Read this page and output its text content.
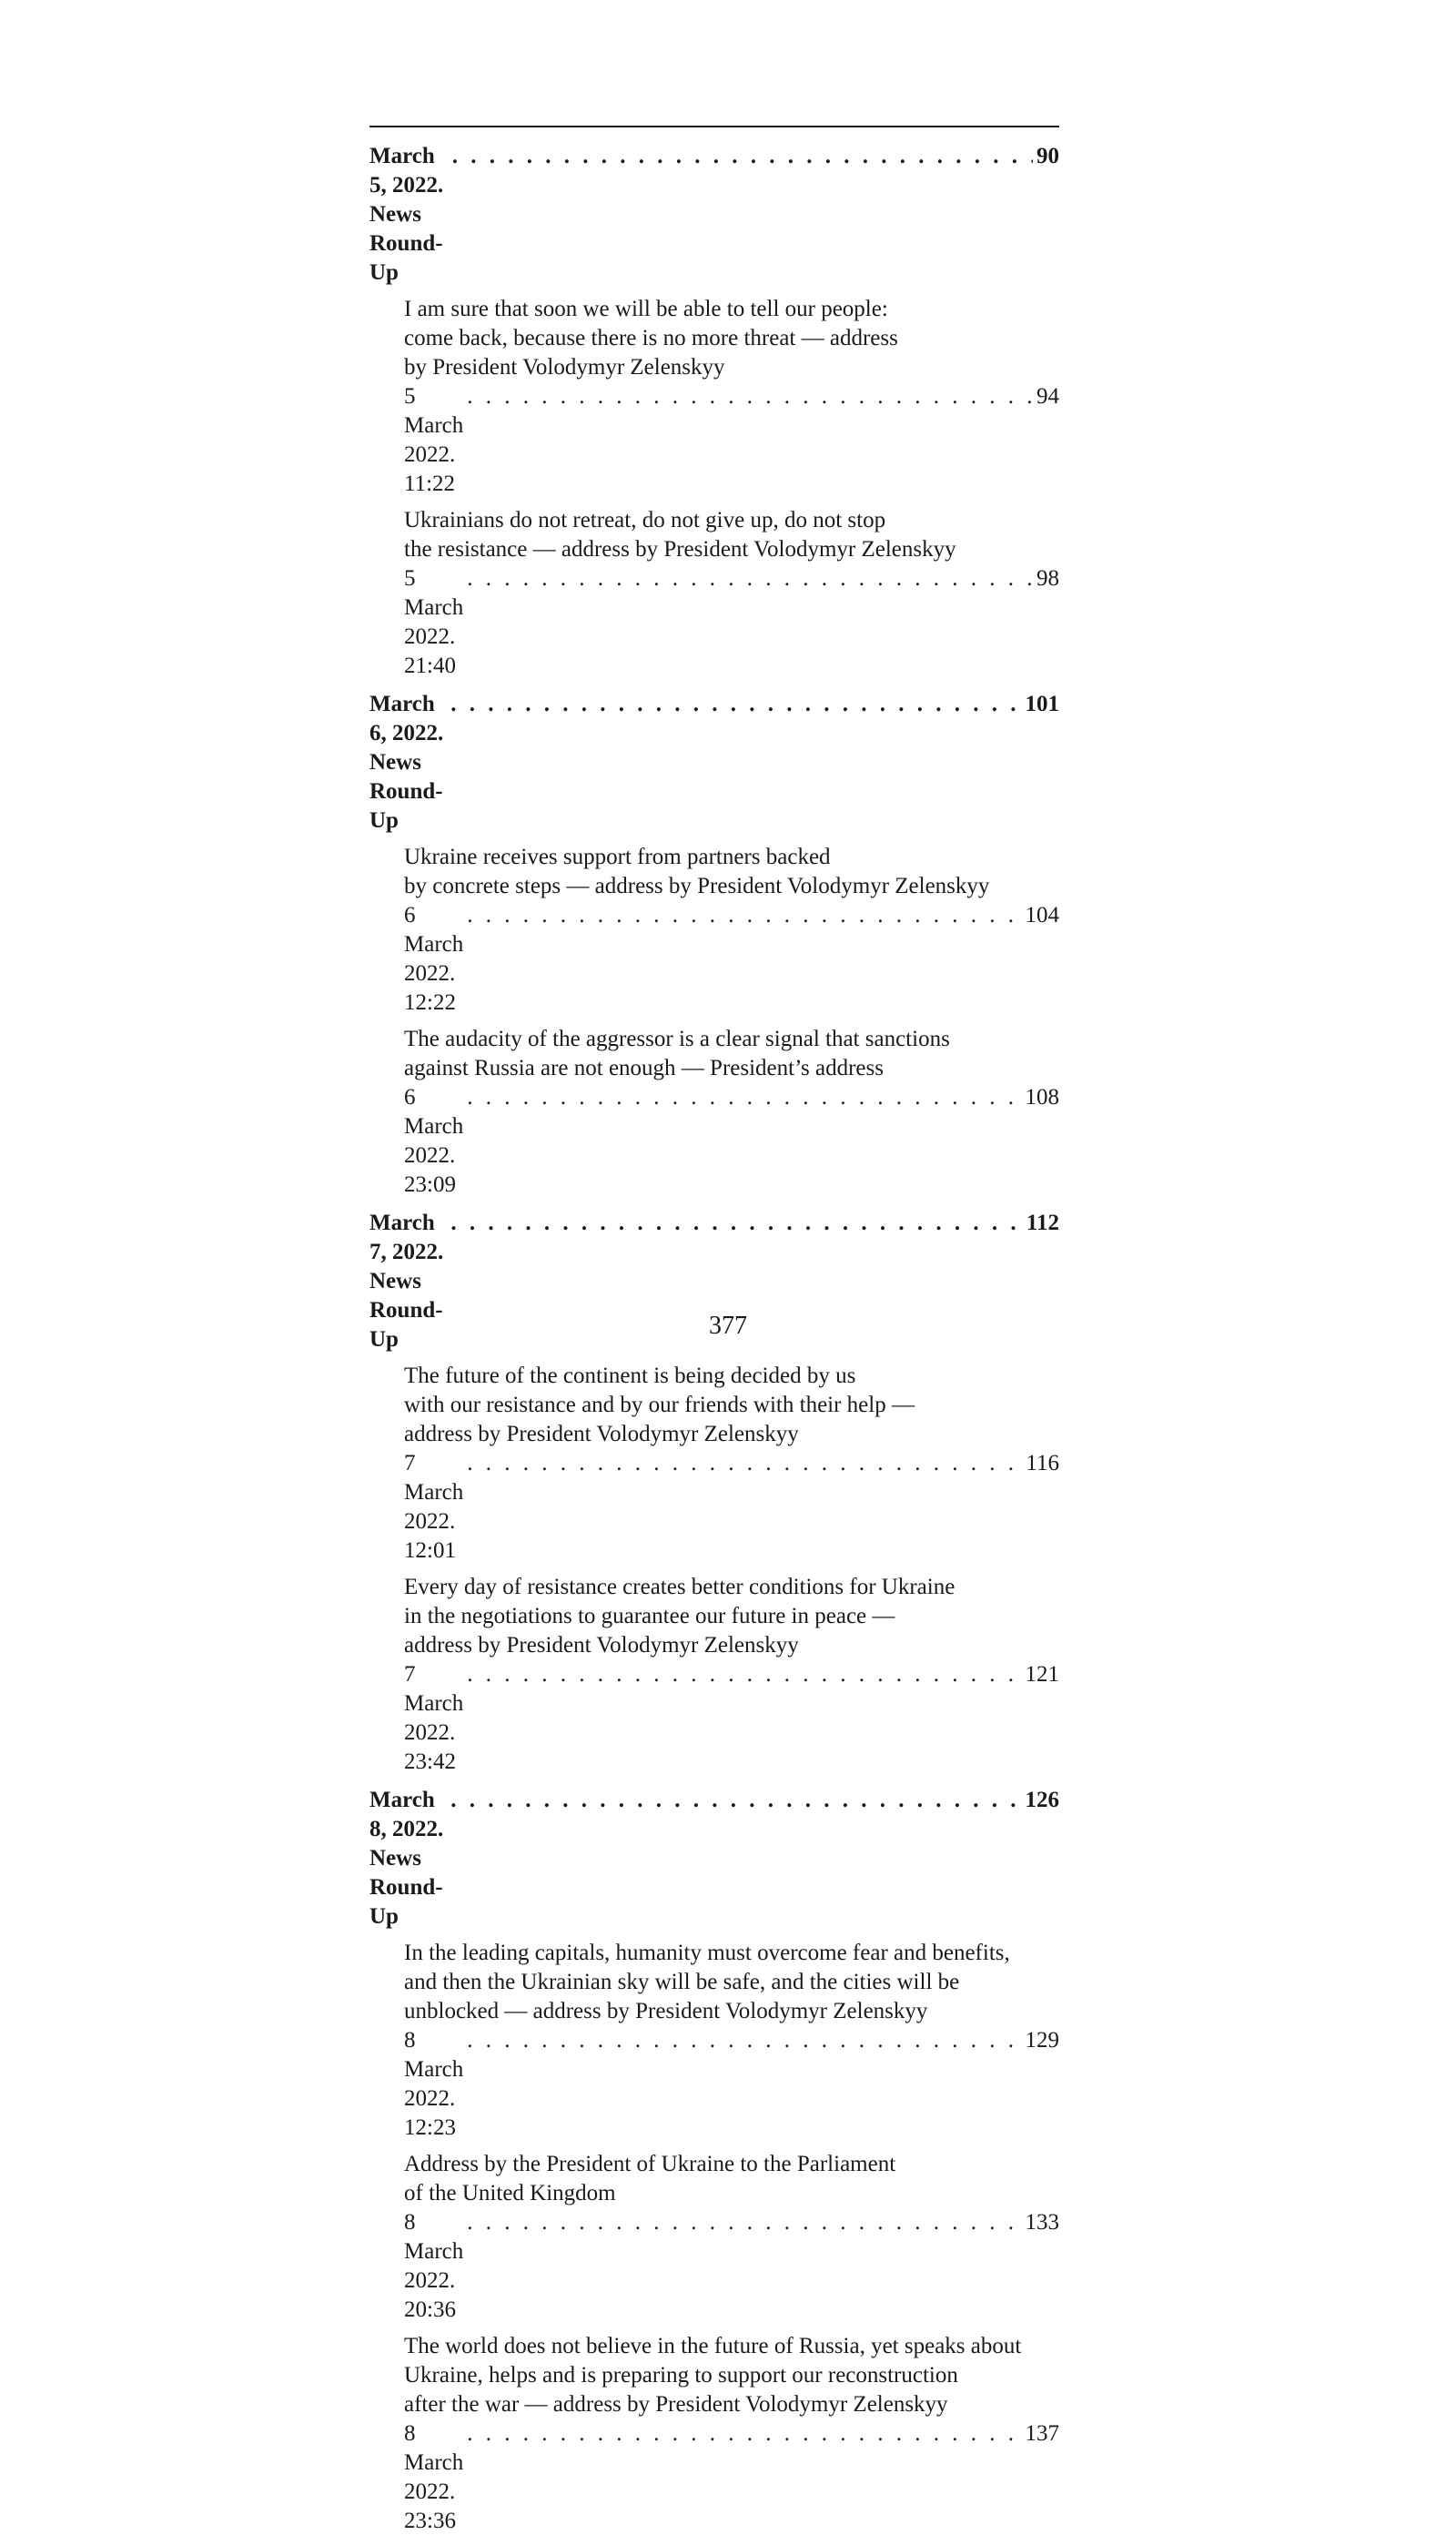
March 5, 2022. News Round-Up
. . .
90
I am sure that soon we will be able to tell our people:
come back, because there is no more threat — address
by President Volodymyr Zelenskyy
5 March 2022. 11:22
. . .
94
Ukrainians do not retreat, do not give up, do not stop
the resistance — address by President Volodymyr Zelenskyy
5 March 2022. 21:40
. . .
98
March 6, 2022. News Round-Up
. . .
101
Ukraine receives support from partners backed
by concrete steps — address by President Volodymyr Zelenskyy
6 March 2022. 12:22
. . .
104
The audacity of the aggressor is a clear signal that sanctions
against Russia are not enough — President’s address
6 March 2022. 23:09
. . .
108
March 7, 2022. News Round-Up
. . .
112
The future of the continent is being decided by us
with our resistance and by our friends with their help —
address by President Volodymyr Zelenskyy
7 March 2022. 12:01
. . .
116
Every day of resistance creates better conditions for Ukraine
in the negotiations to guarantee our future in peace —
address by President Volodymyr Zelenskyy
7 March 2022. 23:42
. . .
121
March 8, 2022. News Round-Up
. . .
126
In the leading capitals, humanity must overcome fear and benefits,
and then the Ukrainian sky will be safe, and the cities will be
unblocked — address by President Volodymyr Zelenskyy
8 March 2022. 12:23
. . .
129
Address by the President of Ukraine to the Parliament
of the United Kingdom
8 March 2022. 20:36
. . .
133
The world does not believe in the future of Russia, yet speaks about
Ukraine, helps and is preparing to support our reconstruction
after the war — address by President Volodymyr Zelenskyy
8 March 2022. 23:36
. . .
137
377
